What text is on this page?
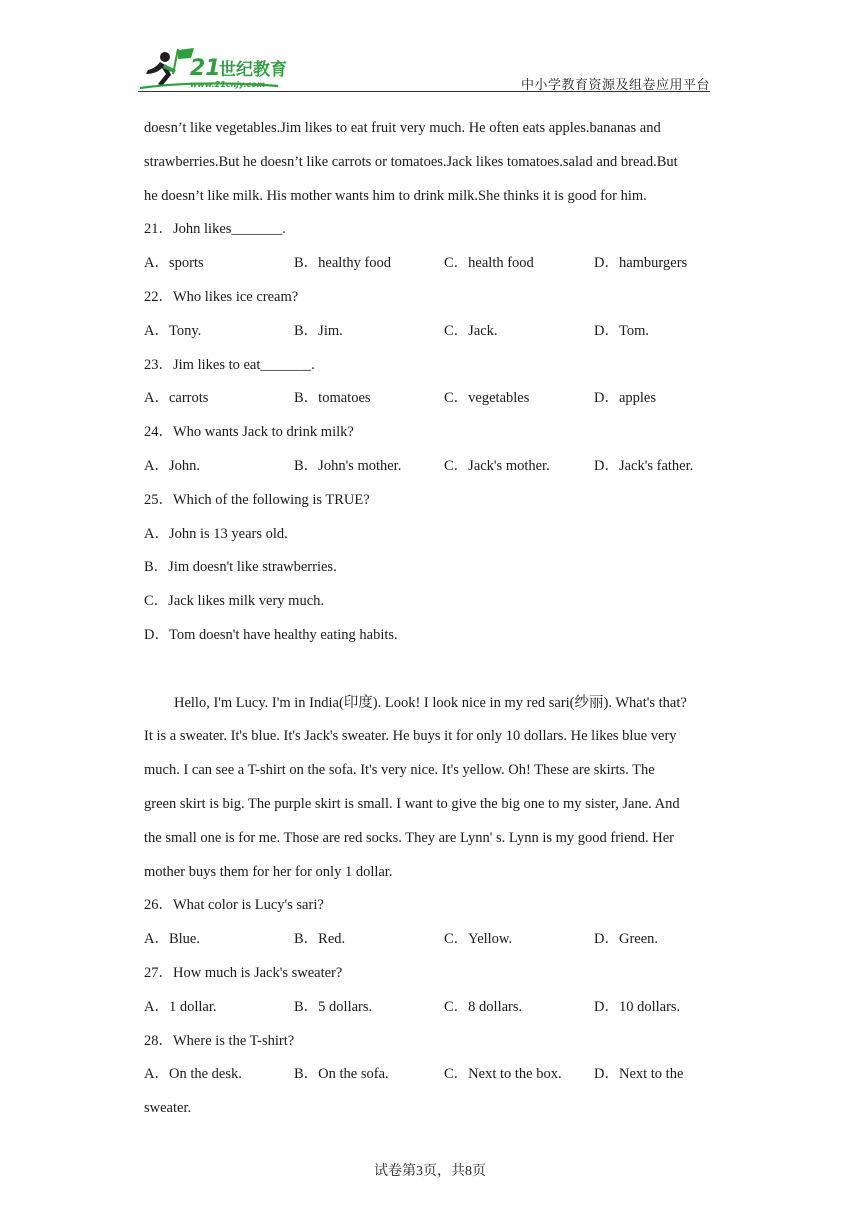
21
世纪教育
www.21cnjy.com	中小学教育资源及组卷应用平台
doesn’t like vegetables.Jim likes to eat fruit very much. He often eats apples.bananas and
strawberries.But he doesn’t like carrots or tomatoes.Jack likes tomatoes.salad and bread.But
he doesn’t like milk. His mother wants him to drink milk.She thinks it is good for him.
21．John likes_______.
A．sports	B．healthy food	C．health food	D．hamburgers
22．Who likes ice cream?
A．Tony.	B．Jim.	C．Jack.	D．Tom.
23．Jim likes to eat_______.
A．carrots	B．tomatoes	C．vegetables	D．apples
24．Who wants Jack to drink milk?
A．John.	B．John's mother.	C．Jack's mother.	D．Jack's father.
25．Which of the following is TRUE?
A．John is 13 years old.
B．Jim doesn't like strawberries.
C．Jack likes milk very much.
D．Tom doesn't have healthy eating habits.
Hello, I'm Lucy. I'm in India(印度). Look! I look nice in my red sari(纱丽). What's that?
It is a sweater. It's blue. It's Jack's sweater. He buys it for only 10 dollars. He likes blue very
much. I can see a T-shirt on the sofa. It's very nice. It's yellow. Oh! These are skirts. The
green skirt is big. The purple skirt is small. I want to give the big one to my sister, Jane. And
the small one is for me. Those are red socks. They are Lynn' s. Lynn is my good friend. Her
mother buys them for her for only 1 dollar.
26．What color is Lucy's sari?
A．Blue.	B．Red.	C．Yellow.	D．Green.
27．How much is Jack's sweater?
A．1 dollar.	B．5 dollars.	C．8 dollars.	D．10 dollars.
28．Where is the T-shirt?
A．On the desk.	B．On the sofa.	C．Next to the box. D．Next to the
sweater.
试卷第3页，共8页
